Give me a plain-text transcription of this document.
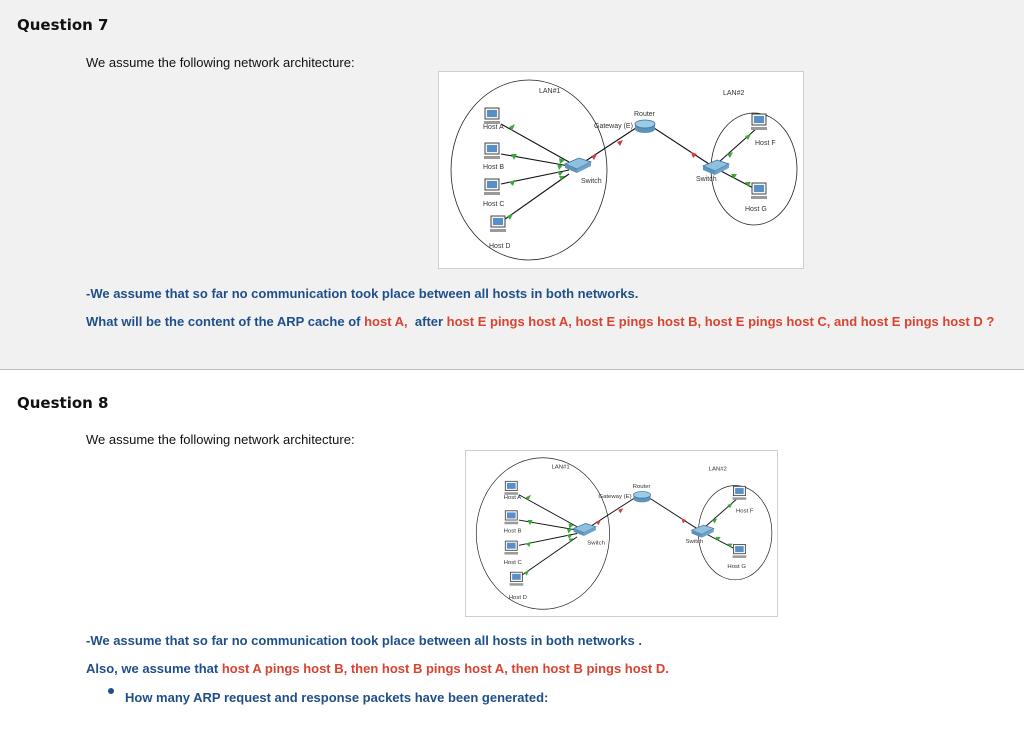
Question 7
We assume the following network architecture:
LAN#1	LAN#2
Router
Gateway (E)
Switch	Switch
Host A
Host B
Host C
Host D
Host F
Host G
-We assume that so far no communication took place between all hosts in both networks.
What will be the content of the ARP cache of host A,  after host E pings host A, host E pings host B, host E pings host C, and host E pings host D ?
Question 8
We assume the following network architecture:
LAN#1	LAN#2
Router
Gateway (E)
Switch	Switch
Host A
Host B
Host C
Host D
Host F
Host G
-We assume that so far no communication took place between all hosts in both networks .
Also, we assume that host A pings host B, then host B pings host A, then host B pings host D.
How many ARP request and response packets have been generated:
